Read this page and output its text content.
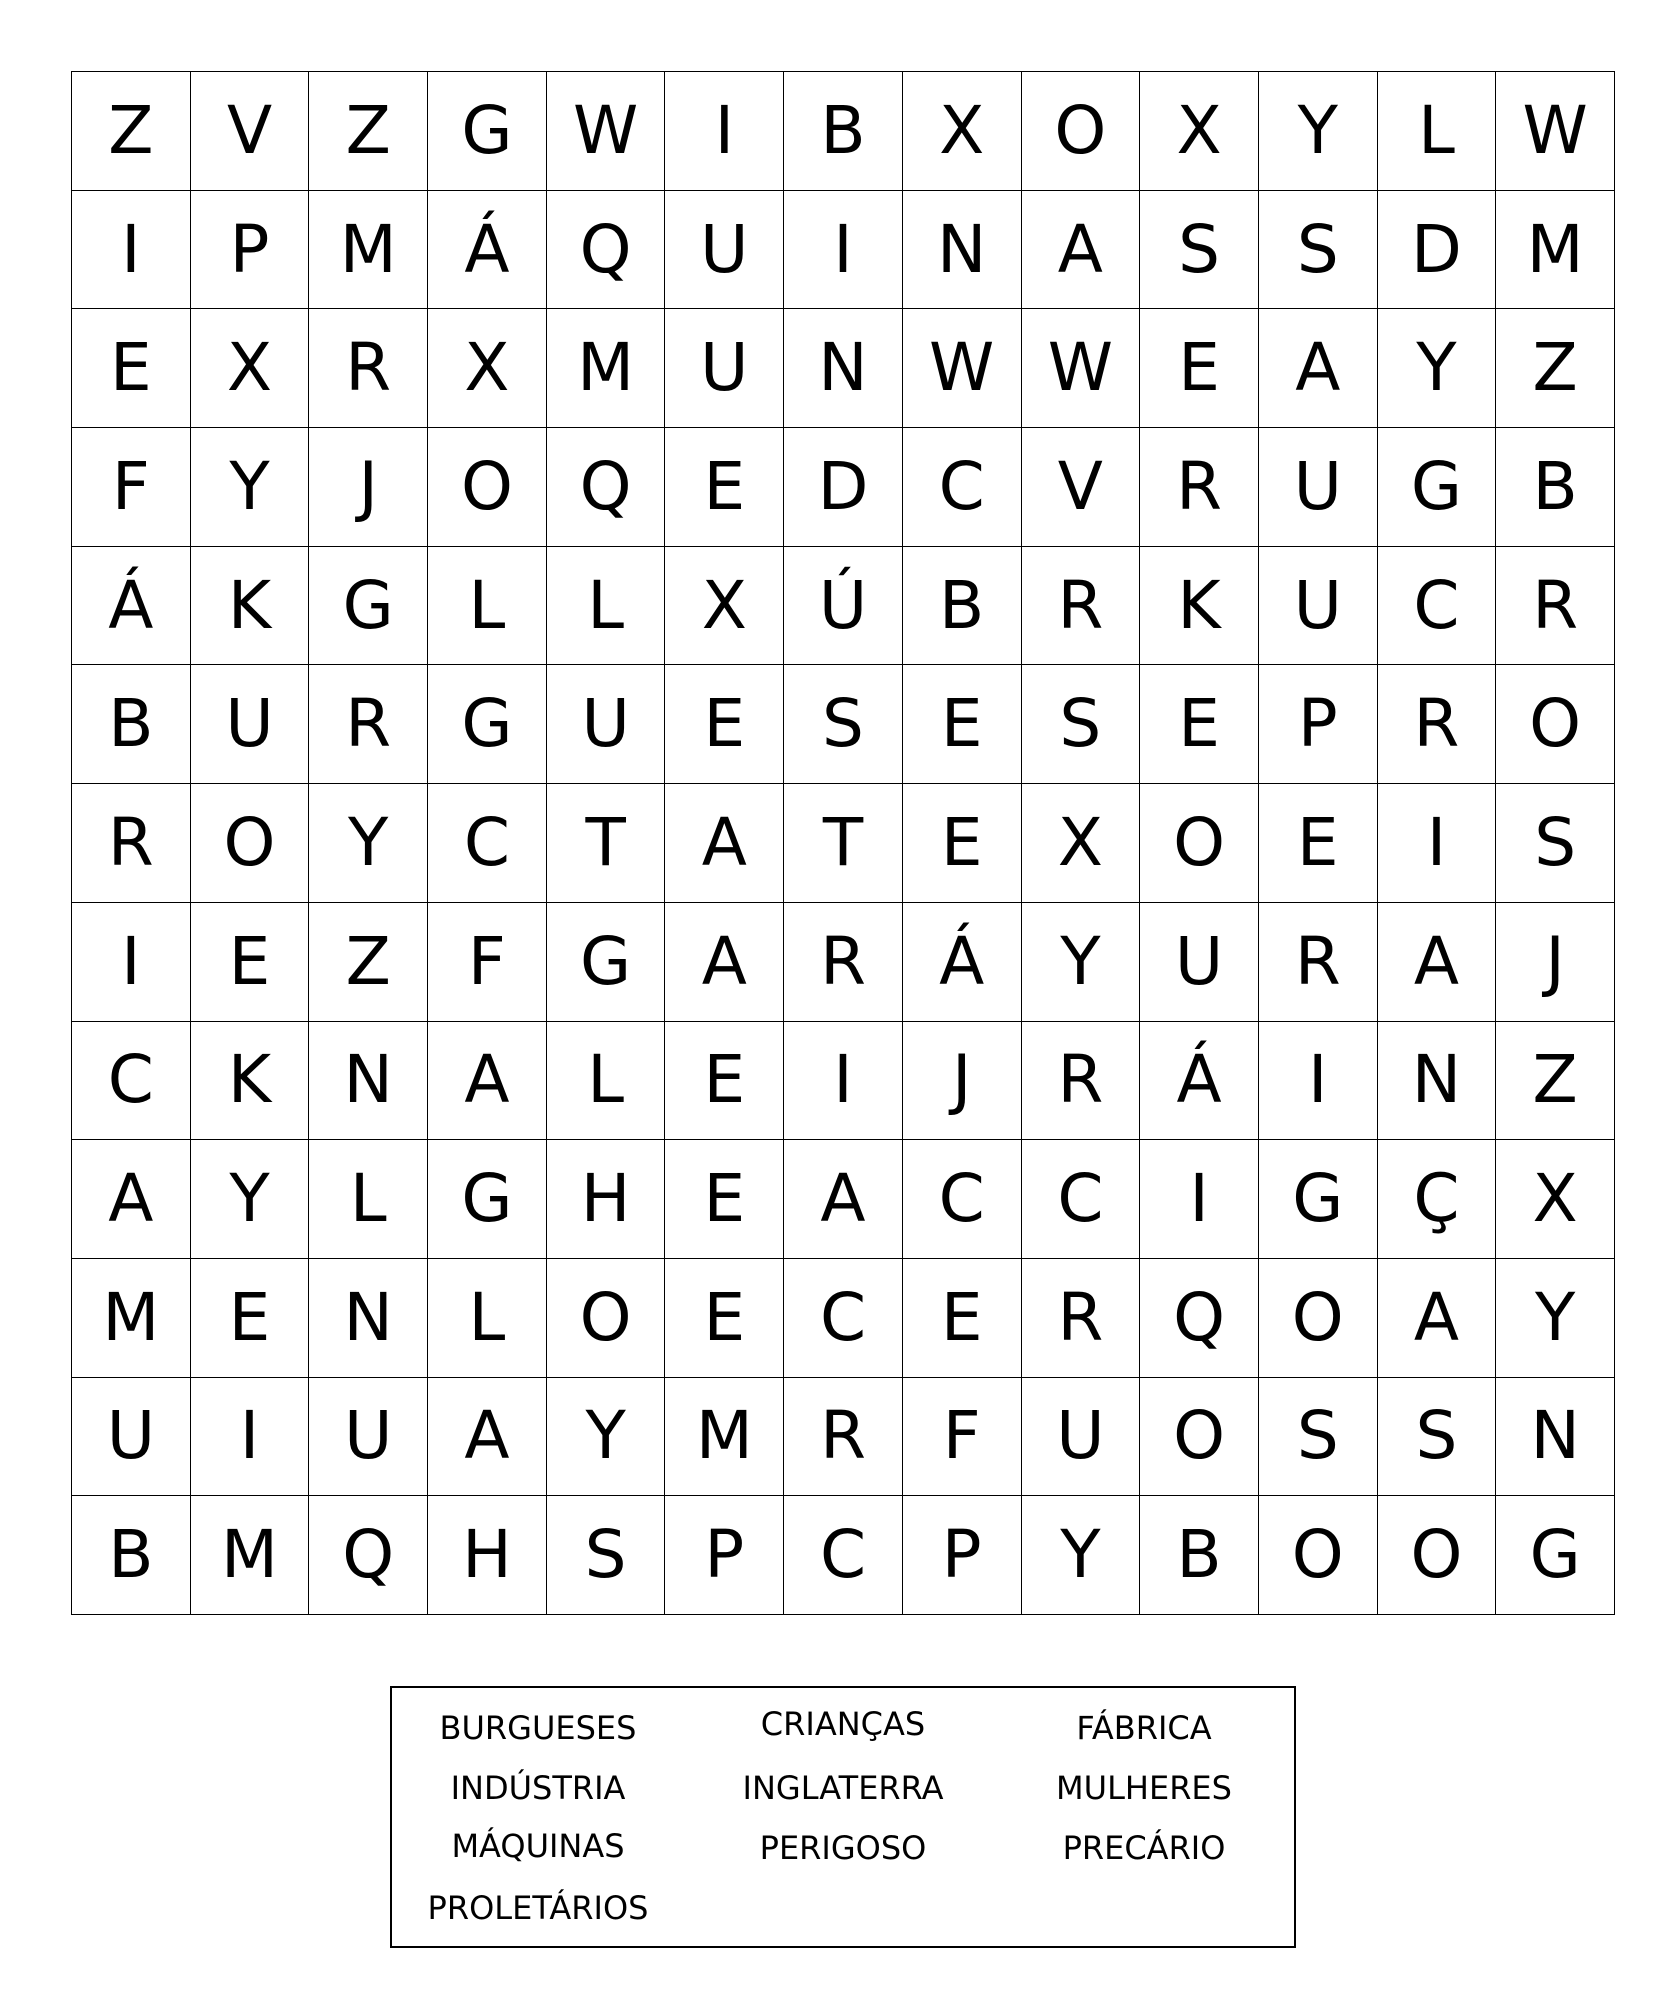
Z	V	Z	G W	I	B	X	O	X	Y	L	W
I	P	M	Á	Q	U	I	N	A	S	S	D M
E	X	R	X	M	U	N W W E	A	Y	Z
F	Y	J	O	Q	E	D	C	V	R	U	G	B
Á	K	G	L	L	X	Ú	B	R	K	U	C	R
B	U	R	G	U	E	S	E	S	E	P	R	O
R	O	Y	C	T	A	T	E	X	O	E	I	S
I	E	Z	F	G	A	R	Á	Y	U	R	A	J
C	K	N	A	L	E	I	J	R	Á	I	N	Z
A	Y	L	G	H	E	A	C	C	I	G	Ç	X
M	E	N	L	O	E	C	E	R	Q	O	A	Y
U	I	U	A	Y	M	R	F	U	O	S	S	N
B	M Q	H	S	P	C	P	Y	B	O	O	G
BURGUESES	CRIANÇAS	FÁBRICA
INDÚSTRIA	INGLATERRA	MULHERES
MÁQUINAS	PERIGOSO	PRECÁRIO
PROLETÁRIOS
